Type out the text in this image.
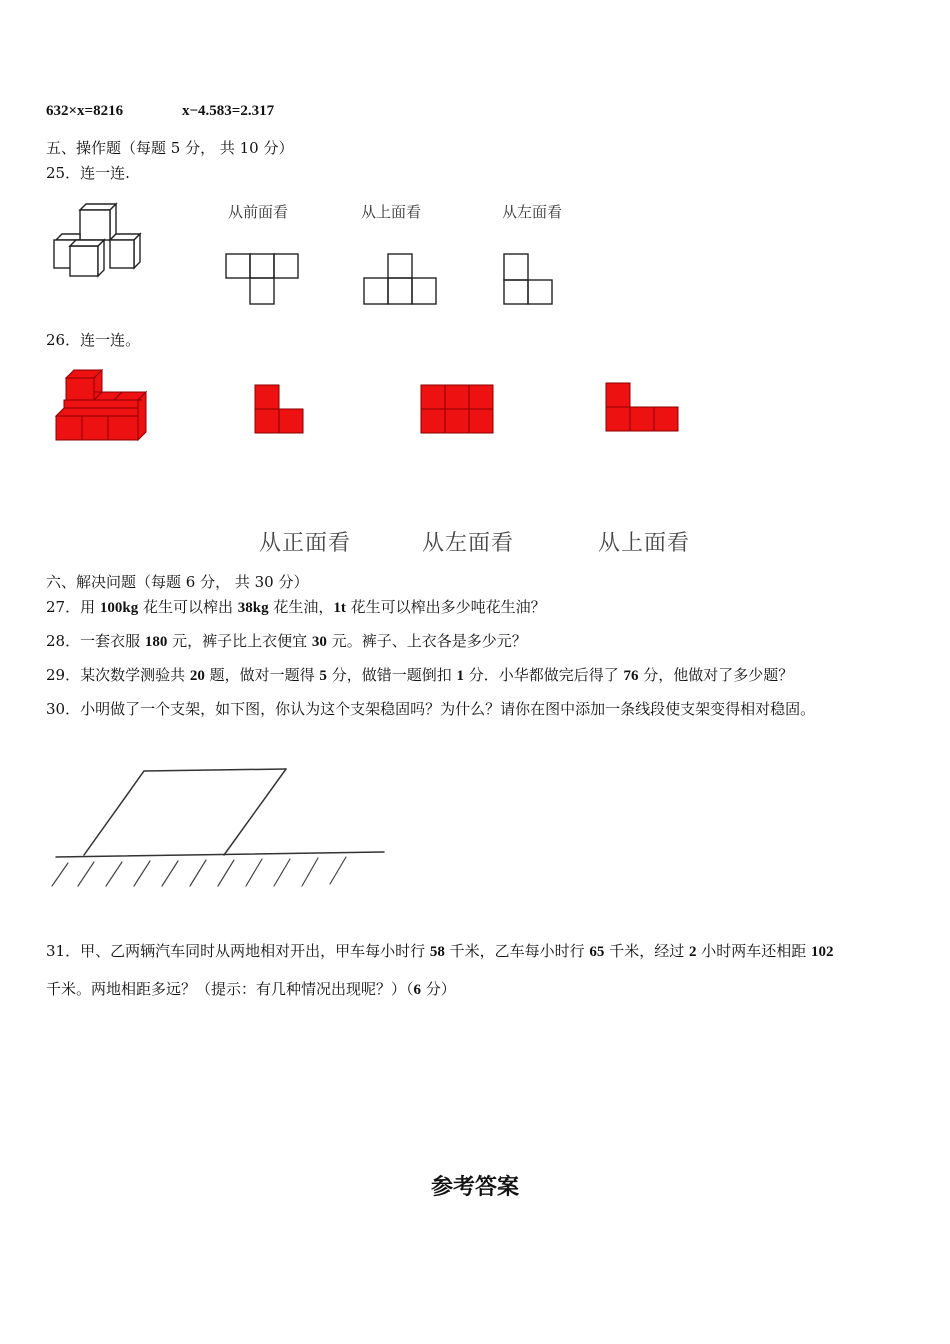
632×x=8216	x−4.583=2.317
五、操作题（每题 5 分， 共 10 分）
25．连一连.
从前面看	从上面看	从左面看
26．连一连。
从正面看	从左面看	从上面看
六、解决问题（每题 6 分， 共 30 分）
27．用 100kg 花生可以榨出 38kg 花生油，1t 花生可以榨出多少吨花生油？
28．一套衣服 180 元，裤子比上衣便宜 30 元。裤子、上衣各是多少元？
29．某次数学测验共 20 题，做对一题得 5 分，做错一题倒扣 1 分．小华都做完后得了 76 分，他做对了多少题？
30．小明做了一个支架，如下图，你认为这个支架稳固吗？为什么？请你在图中添加一条线段使支架变得相对稳固。
31．甲、乙两辆汽车同时从两地相对开出，甲车每小时行 58 千米，乙车每小时行 65 千米，经过 2 小时两车还相距 102
千米。两地相距多远？（提示：有几种情况出现呢？）（6 分）
参考答案
